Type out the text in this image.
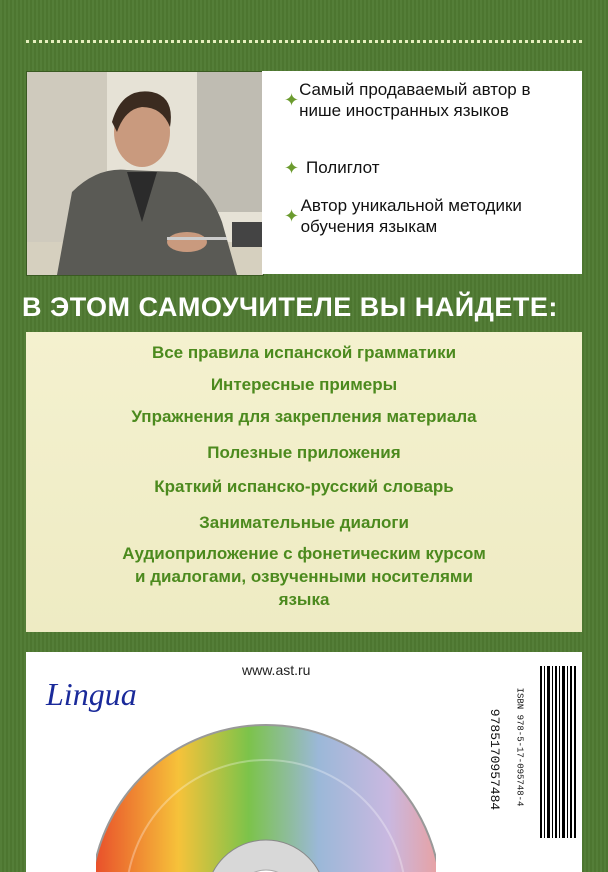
✦
Самый продаваемый автор в нише иностранных языков
✦ Полиглот
✦
Автор уникальной методики обучения языкам
В ЭТОМ САМОУЧИТЕЛЕ ВЫ НАЙДЕТЕ:
Все правила испанской грамматики
Интересные примеры
Упражнения для закрепления материала
Полезные приложения
Краткий испанско-русский словарь
Занимательные диалоги
Аудиоприложение с фонетическим курсом и диалогами, озвученными носителями языка
www.ast.ru
Lingua	ISBN 978-5-17-095748-4
9785170957484
